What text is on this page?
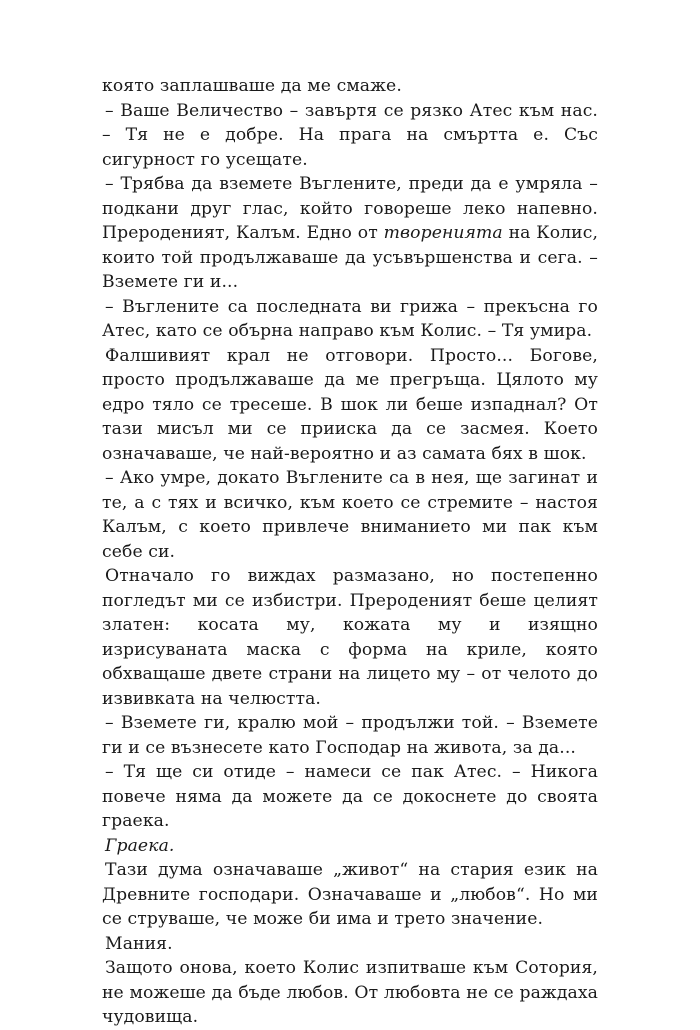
която заплашваше да ме смаже.

– Ваше Величество – завъртя се рязко Атес към нас. – Тя не е добре. На прага на смъртта е. Със сигурност го усещате.

– Трябва да вземете Въглените, преди да е умряла – подкани друг глас, който говореше леко напевно. Прероденият, Калъм. Едно от творенията на Колис, които той продължаваше да усъвършенства и сега. – Вземете ги и...

– Въглените са последната ви грижа – прекъсна го Атес, като се обърна направо към Колис. – Тя умира.

Фалшивият крал не отговори. Просто... Богове, просто продължаваше да ме прегръща. Цялото му едро тяло се тресеше. В шок ли беше изпаднал? От тази мисъл ми се прииска да се засмея. Което означаваше, че най-вероятно и аз самата бях в шок.

– Ако умре, докато Въглените са в нея, ще загинат и те, а с тях и всичко, към което се стремите – настоя Калъм, с което привлече вниманието ми пак към себе си.

Отначало го виждах размазано, но постепенно погледът ми се избистри. Прероденият беше целият златен: косата му, кожата му и изящно изрисуваната маска с форма на криле, която обхващаше двете страни на лицето му – от челото до извивката на челюстта.

– Вземете ги, кралю мой – продължи той. – Вземете ги и се възнесете като Господар на живота, за да...

– Тя ще си отиде – намеси се пак Атес. – Никога повече няма да можете да се докоснете до своята граека.

Граека.

Тази дума означаваше „живот“ на стария език на Древните господари. Означаваше и „любов“. Но ми се струваше, че може би има и трето значение.

Мания.

Защото онова, което Колис изпитваше към Сотория, не можеше да бъде любов. От любовта не се раждаха чудовища.
